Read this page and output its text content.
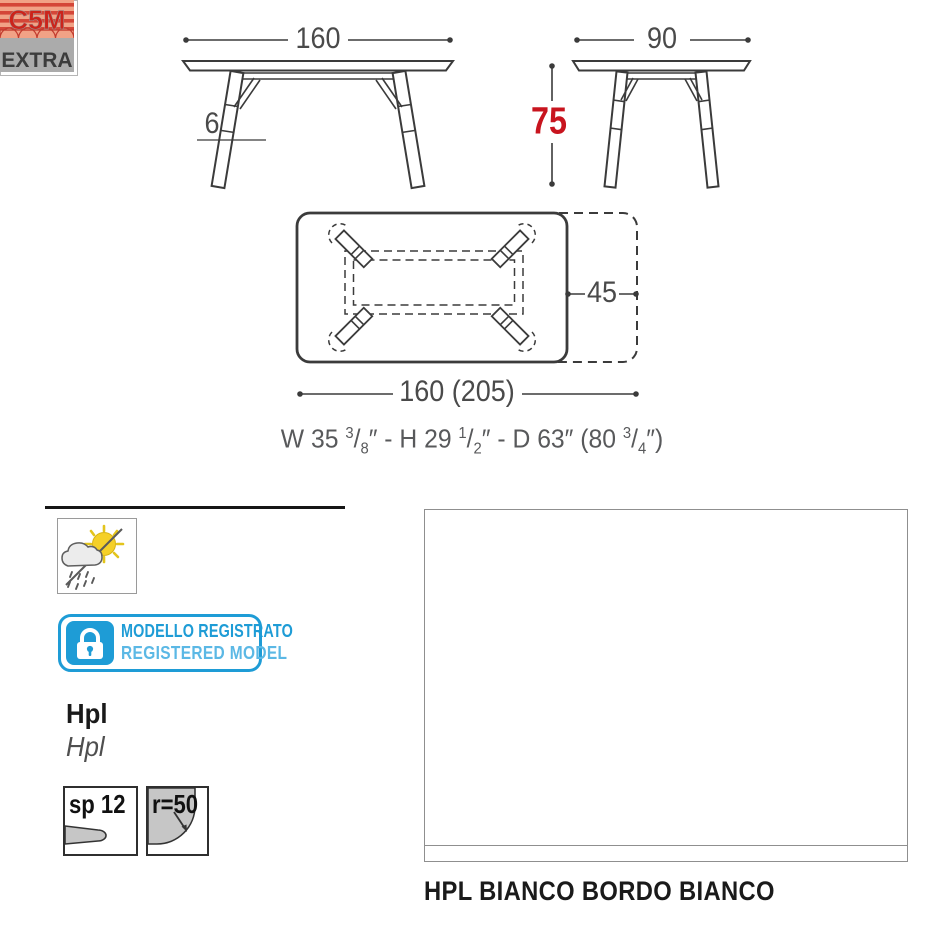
160
6
90
75
45
160 (205)
W 35 $^3/_8''$ - H 29 $^1/_2''$ - D 63″ (80 $^3/_4''$)
C5M
EXTRA
MODELLO REGISTRATO
REGISTERED MODEL
Hpl
Hpl
sp 12 r=50
HPL BIANCO BORDO BIANCO
